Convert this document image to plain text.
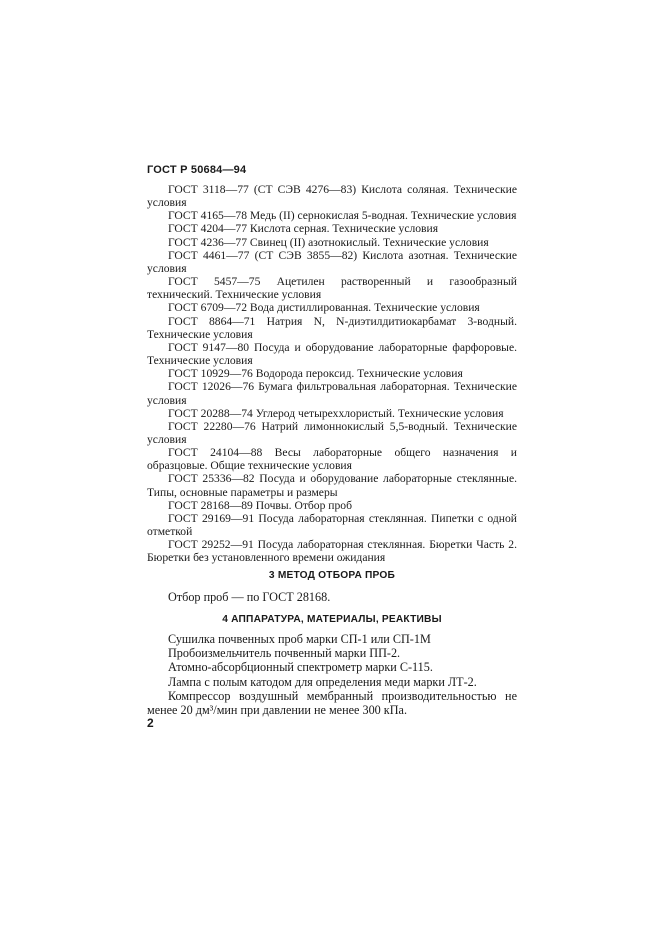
ГОСТ Р 50684—94

ГОСТ 3118—77 (СТ СЭВ 4276—83) Кислота соляная. Технические условия

ГОСТ 4165—78 Медь (II) сернокислая 5-водная. Технические условия

ГОСТ 4204—77 Кислота серная. Технические условия

ГОСТ 4236—77 Свинец (II) азотнокислый. Технические условия

ГОСТ 4461—77 (СТ СЭВ 3855—82) Кислота азотная. Технические условия

ГОСТ 5457—75 Ацетилен растворенный и газообразный технический. Технические условия

ГОСТ 6709—72 Вода дистиллированная. Технические условия

ГОСТ 8864—71 Натрия N, N-диэтилдитиокарбамат 3-водный. Технические условия

ГОСТ 9147—80 Посуда и оборудование лабораторные фарфоровые. Технические условия

ГОСТ 10929—76 Водорода пероксид. Технические условия

ГОСТ 12026—76 Бумага фильтровальная лабораторная. Технические условия

ГОСТ 20288—74 Углерод четыреххлористый. Технические условия

ГОСТ 22280—76 Натрий лимоннокислый 5,5-водный. Технические условия

ГОСТ 24104—88 Весы лабораторные общего назначения и образцовые. Общие технические условия

ГОСТ 25336—82 Посуда и оборудование лабораторные стеклянные. Типы, основные параметры и размеры

ГОСТ 28168—89 Почвы. Отбор проб

ГОСТ 29169—91 Посуда лабораторная стеклянная. Пипетки с одной отметкой

ГОСТ 29252—91 Посуда лабораторная стеклянная. Бюретки Часть 2. Бюретки без установленного времени ожидания

3 МЕТОД ОТБОРА ПРОБ
Отбор проб — по ГОСТ 28168.
4 АППАРАТУРА, МАТЕРИАЛЫ, РЕАКТИВЫ

Сушилка почвенных проб марки СП-1 или СП-1М

Пробоизмельчитель почвенный марки ПП-2.

Атомно-абсорбционный спектрометр марки С-115.

Лампа с полым катодом для определения меди марки ЛТ-2.

Компрессор воздушный мембранный производительностью не менее 20 дм³/мин при давлении не менее 300 кПа.

2
